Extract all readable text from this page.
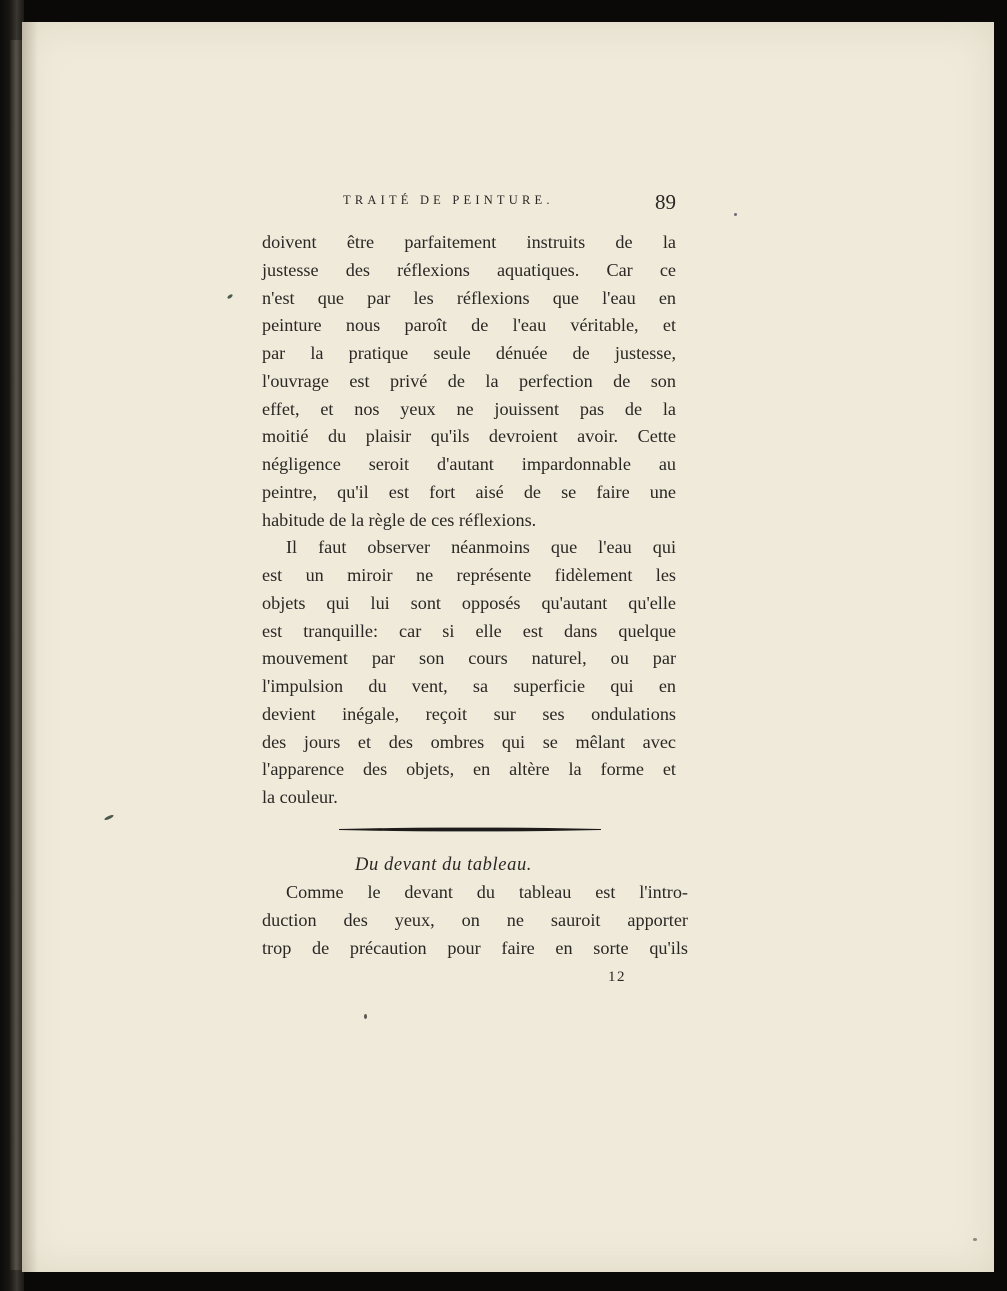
TRAITÉ DE PEINTURE.	89
doivent être parfaitement instruits de la
justesse des réflexions aquatiques. Car ce
n'est que par les réflexions que l'eau en
peinture nous paroît de l'eau véritable, et
par la pratique seule dénuée de justesse,
l'ouvrage est privé de la perfection de son
effet, et nos yeux ne jouissent pas de la
moitié du plaisir qu'ils devroient avoir. Cette
négligence seroit d'autant impardonnable au
peintre, qu'il est fort aisé de se faire une
habitude de la règle de ces réflexions.
Il faut observer néanmoins que l'eau qui
est un miroir ne représente fidèlement les
objets qui lui sont opposés qu'autant qu'elle
est tranquille: car si elle est dans quelque
mouvement par son cours naturel, ou par
l'impulsion du vent, sa superficie qui en
devient inégale, reçoit sur ses ondulations
des jours et des ombres qui se mêlant avec
l'apparence des objets, en altère la forme et
la couleur.
Du devant du tableau.
Comme le devant du tableau est l'intro-
duction des yeux, on ne sauroit apporter
trop de précaution pour faire en sorte qu'ils
12
